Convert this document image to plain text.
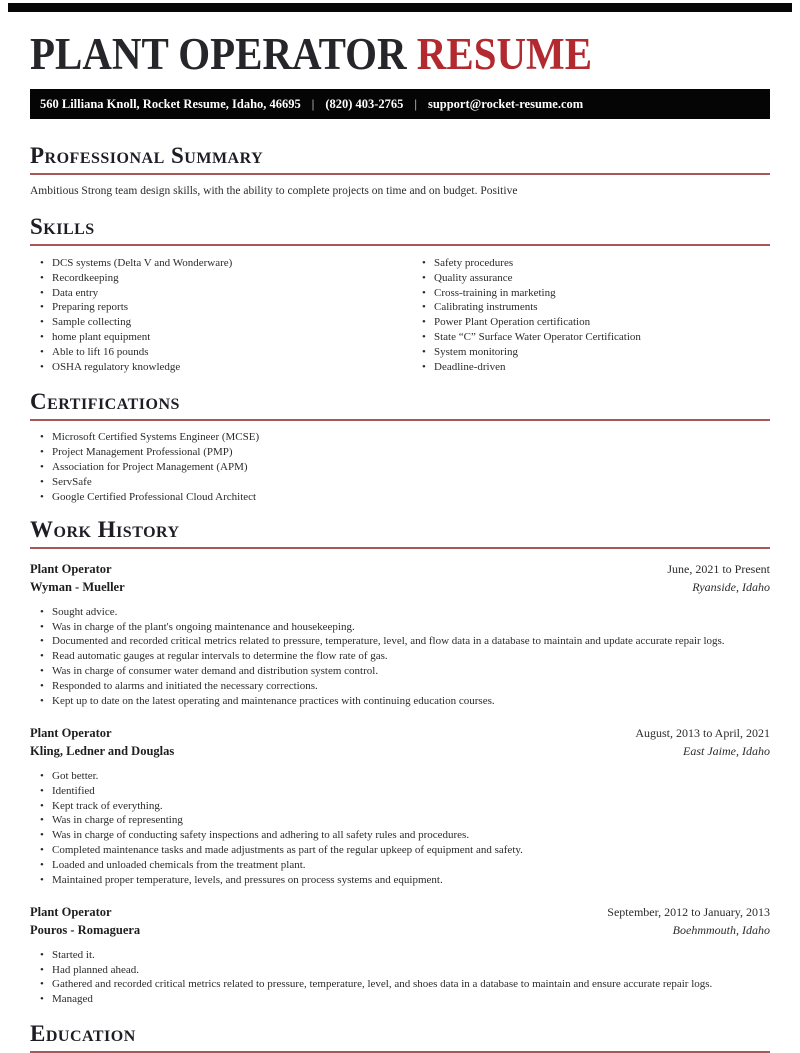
PLANT OPERATOR RESUME
560 Lilliana Knoll, Rocket Resume, Idaho, 46695 | (820) 403-2765 | support@rocket-resume.com
Professional Summary

Ambitious Strong team design skills, with the ability to complete projects on time and on budget. Positive

Skills
• DCS systems (Delta V and Wonderware)
• Recordkeeping
• Data entry
• Preparing reports
• Sample collecting
• home plant equipment
• Able to lift 16 pounds
• OSHA regulatory knowledge
• Safety procedures
• Quality assurance
• Cross-training in marketing
• Calibrating instruments
• Power Plant Operation certification
• State “C” Surface Water Operator Certification
• System monitoring
• Deadline-driven
Certifications
• Microsoft Certified Systems Engineer (MCSE)
• Project Management Professional (PMP)
• Association for Project Management (APM)
• ServSafe
• Google Certified Professional Cloud Architect
Work History
Plant Operator	June, 2021 to Present
Wyman - Mueller	Ryanside, Idaho
• Sought advice.
• Was in charge of the plant's ongoing maintenance and housekeeping.
• Documented and recorded critical metrics related to pressure, temperature, level, and flow data in a database to maintain and update accurate repair logs.
• Read automatic gauges at regular intervals to determine the flow rate of gas.
• Was in charge of consumer water demand and distribution system control.
• Responded to alarms and initiated the necessary corrections.
• Kept up to date on the latest operating and maintenance practices with continuing education courses.
Plant Operator	August, 2013 to April, 2021
Kling, Ledner and Douglas	East Jaime, Idaho
• Got better.
• Identified
• Kept track of everything.
• Was in charge of representing
• Was in charge of conducting safety inspections and adhering to all safety rules and procedures.
• Completed maintenance tasks and made adjustments as part of the regular upkeep of equipment and safety.
• Loaded and unloaded chemicals from the treatment plant.
• Maintained proper temperature, levels, and pressures on process systems and equipment.
Plant Operator	September, 2012 to January, 2013
Pouros - Romaguera	Boehmmouth, Idaho
• Started it.
• Had planned ahead.
• Gathered and recorded critical metrics related to pressure, temperature, level, and shoes data in a database to maintain and ensure accurate repair logs.
• Managed
Education
